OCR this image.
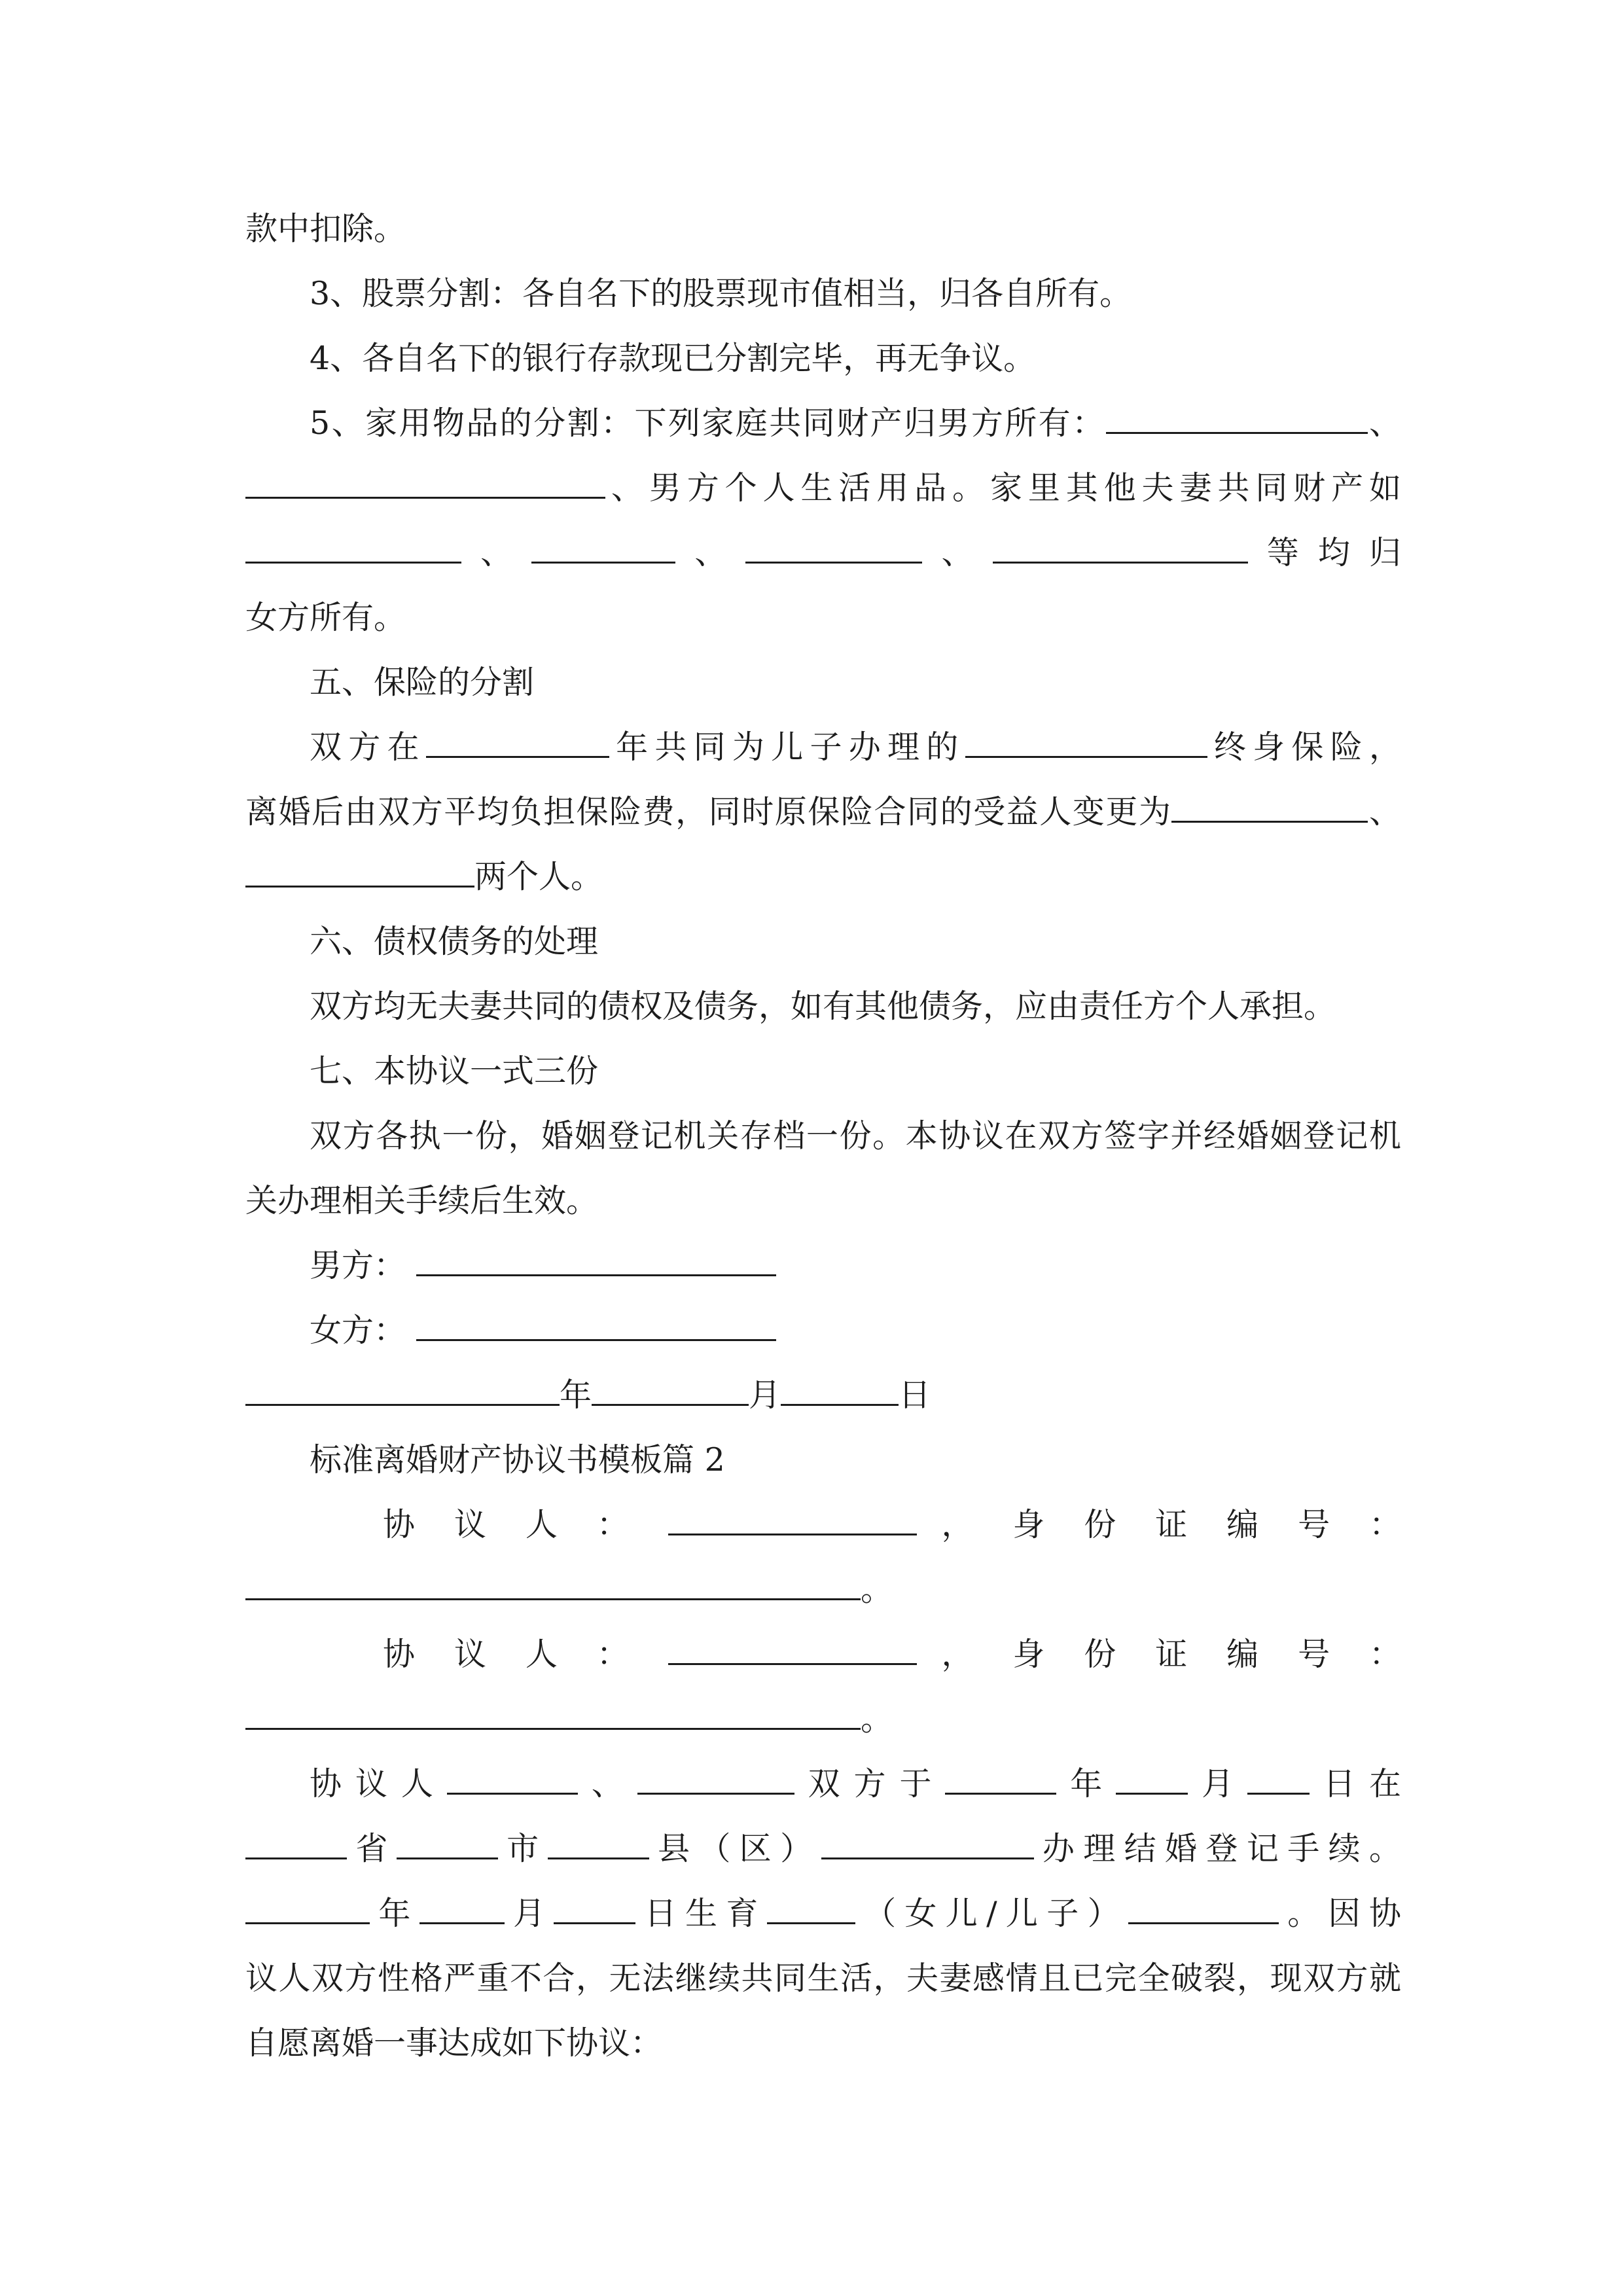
款中扣除。

3、股票分割：各自名下的股票现市值相当，归各自所有。

4、各自名下的银行存款现已分割完毕，再无争议。

5、家用物品的分割：下列家庭共同财产归男方所有：	、

、男方个人生活用品。家里其他夫妻共同财产如

、	、	、	等均归

女方所有。

五、保险的分割

双方在	年共同为儿子办理的	终身保险，

离婚后由双方平均负担保险费，同时原保险合同的受益人变更为	、

两个人。

六、债权债务的处理

双方均无夫妻共同的债权及债务，如有其他债务，应由责任方个人承担。

七、本协议一式三份

双方各执一份，婚姻登记机关存档一份。本协议在双方签字并经婚姻登记机

关办理相关手续后生效。

男方：

女方：

年	月	日

标准离婚财产协议书模板篇 2

协 议 人 ：	， 身 份 证 编 号 ：

。

协 议 人 ：	， 身 份 证 编 号 ：

。

协议人	、	双方于	年 月 日在

省	市	县（区）	办理结婚登记手续。

年	月	日生育	（女儿/儿子）	。因协

议人双方性格严重不合，无法继续共同生活，夫妻感情且已完全破裂，现双方就

自愿离婚一事达成如下协议：
